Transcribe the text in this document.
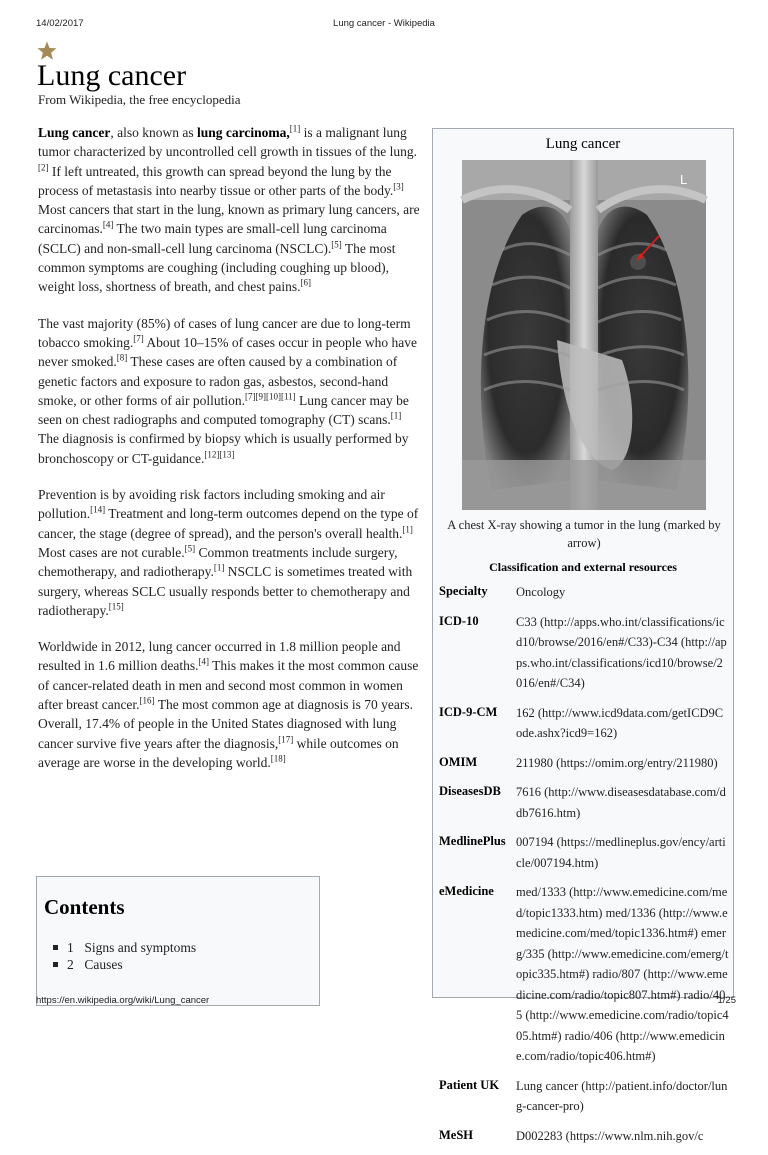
14/02/2017	Lung cancer - Wikipedia
Lung cancer
From Wikipedia, the free encyclopedia

Lung cancer, also known as lung carcinoma,[1] is a malignant lung tumor characterized by uncontrolled cell growth in tissues of the lung.[2] If left untreated, this growth can spread beyond the lung by the process of metastasis into nearby tissue or other parts of the body.[3] Most cancers that start in the lung, known as primary lung cancers, are carcinomas.[4] The two main types are small-cell lung carcinoma (SCLC) and non-small-cell lung carcinoma (NSCLC).[5] The most common symptoms are coughing (including coughing up blood), weight loss, shortness of breath, and chest pains.[6]

The vast majority (85%) of cases of lung cancer are due to long-term tobacco smoking.[7] About 10–15% of cases occur in people who have never smoked.[8] These cases are often caused by a combination of genetic factors and exposure to radon gas, asbestos, second-hand smoke, or other forms of air pollution.[7][9][10][11] Lung cancer may be seen on chest radiographs and computed tomography (CT) scans.[1] The diagnosis is confirmed by biopsy which is usually performed by bronchoscopy or CT-guidance.[12][13]

Prevention is by avoiding risk factors including smoking and air pollution.[14] Treatment and long-term outcomes depend on the type of cancer, the stage (degree of spread), and the person's overall health.[1] Most cases are not curable.[5] Common treatments include surgery, chemotherapy, and radiotherapy.[1] NSCLC is sometimes treated with surgery, whereas SCLC usually responds better to chemotherapy and radiotherapy.[15]

Worldwide in 2012, lung cancer occurred in 1.8 million people and resulted in 1.6 million deaths.[4] This makes it the most common cause of cancer-related death in men and second most common in women after breast cancer.[16] The most common age at diagnosis is 70 years. Overall, 17.4% of people in the United States diagnosed with lung cancer survive five years after the diagnosis,[17] while outcomes on average are worse in the developing world.[18]

Contents
1 Signs and symptoms
2 Causes
Lung cancer
L
A chest X-ray showing a tumor in the lung (marked by arrow)
Classification and external resources
Specialty	Oncology
ICD-10	C33 (http://apps.who.int/classifications/icd10/browse/2016/en#/C33)-C34 (http://apps.who.int/classifications/icd10/browse/2016/en#/C34)
ICD-9-CM	162 (http://www.icd9data.com/getICD9Code.ashx?icd9=162)
OMIM	211980 (https://omim.org/entry/211980)
DiseasesDB	7616 (http://www.diseasesdatabase.com/ddb7616.htm)
MedlinePlus 007194 (https://medlineplus.gov/ency/article/007194.htm)
eMedicine	med/1333 (http://www.emedicine.com/med/topic1333.htm) med/1336 (http://www.emedicine.com/med/topic1336.htm#) emerg/335 (http://www.emedicine.com/emerg/topic335.htm#) radio/807 (http://www.emedicine.com/radio/topic807.htm#) radio/405 (http://www.emedicine.com/radio/topic405.htm#) radio/406 (http://www.emedicine.com/radio/topic406.htm#)
Patient UK	Lung cancer (http://patient.info/doctor/lung-cancer-pro)
MeSH	D002283 (https://www.nlm.nih.gov/c
https://en.wikipedia.org/wiki/Lung_cancer	1/25
